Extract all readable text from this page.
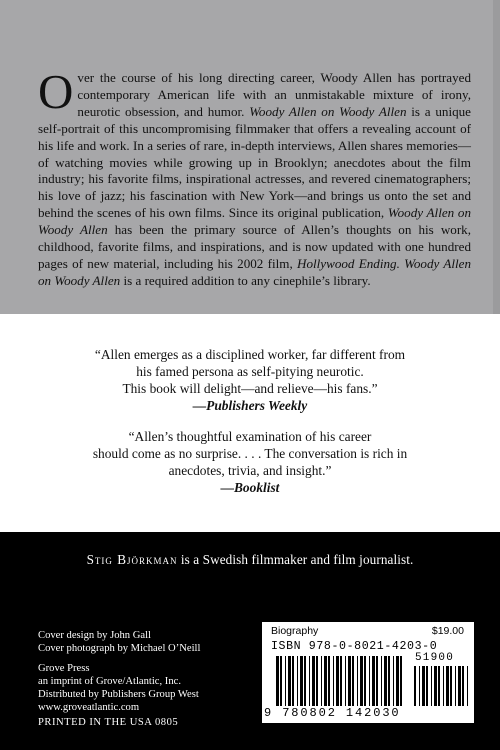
Over the course of his long directing career, Woody Allen has portrayed contemporary American life with an unmistakable mixture of irony, neurotic obsession, and humor. Woody Allen on Woody Allen is a unique self-portrait of this uncompromising filmmaker that offers a revealing account of his life and work. In a series of rare, in-depth interviews, Allen shares memories—of watching movies while growing up in Brooklyn; anecdotes about the film industry; his favorite films, inspirational actresses, and revered cinematographers; his love of jazz; his fascination with New York—and brings us onto the set and behind the scenes of his own films. Since its original publication, Woody Allen on Woody Allen has been the primary source of Allen’s thoughts on his work, childhood, favorite films, and inspirations, and is now updated with one hundred pages of new material, including his 2002 film, Hollywood Ending. Woody Allen on Woody Allen is a required addition to any cinephile’s library.

“Allen emerges as a disciplined worker, far different from
his famed persona as self-pitying neurotic.
This book will delight—and relieve—his fans.”
—Publishers Weekly

“Allen’s thoughtful examination of his career
should come as no surprise. . . . The conversation is rich in
anecdotes, trivia, and insight.”
—Booklist

Stig Björkman is a Swedish filmmaker and film journalist.
Cover design by John Gall
Cover photograph by Michael O’Neill
Grove Press
an imprint of Grove/Atlantic, Inc.
Distributed by Publishers Group West
www.groveatlantic.com
PRINTED IN THE USA 0805
Biography	$19.00
ISBN 978-0-8021-4203-0
51900
9 780802 142030
